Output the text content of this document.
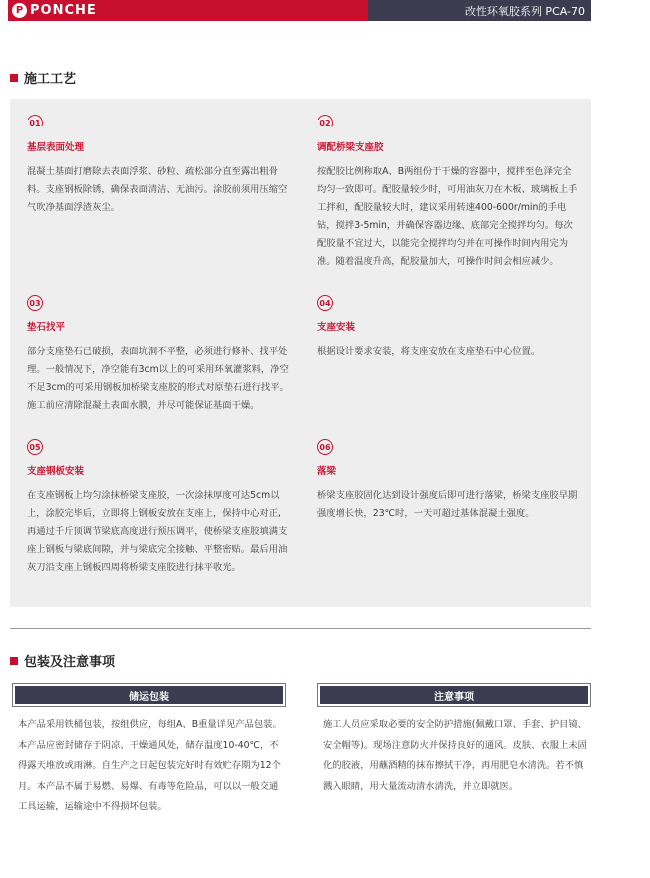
P PONCHE	改性环氧胶系列 PCA-70
施工工艺
01
基层表面处理

混凝土基面打磨除去表面浮浆、砂粒、疏松部分直至露出粗骨料。支座钢板除锈，确保表面清洁、无油污。涂胶前须用压缩空气吹净基面浮渣灰尘。

02
调配桥梁支座胶

按配胶比例称取A、B两组份于干燥的容器中，搅拌至色泽完全均匀一致即可。配胶量较少时，可用油灰刀在木板、玻璃板上手工拌和，配胶量较大时，建议采用转速400-600r/min的手电钻，搅拌3-5min，并确保容器边缘、底部完全搅拌均匀。每次配胶量不宜过大，以能完全搅拌均匀并在可操作时间内用完为准。随着温度升高，配胶量加大，可操作时间会相应减少。

03
垫石找平

部分支座垫石已破损，表面坑洞不平整，必须进行修补、找平处理。一般情况下，净空能有3cm以上的可采用环氧灌浆料，净空不足3cm的可采用钢板加桥梁支座胶的形式对原垫石进行找平。施工前应清除混凝土表面水膜，并尽可能保证基面干燥。

04
支座安装

根据设计要求安装，将支座安放在支座垫石中心位置。

05
支座钢板安装

在支座钢板上均匀涂抹桥梁支座胶，一次涂抹厚度可达5cm以上，涂胶完毕后，立即将上钢板安放在支座上，保持中心对正,再通过千斤顶调节梁底高度进行预压调平，使桥梁支座胶填满支座上钢板与梁底间隙，并与梁底完全接触、平整密贴。最后用油灰刀沿支座上钢板四周将桥梁支座胶进行抹平收光。

06
落梁

桥梁支座胶固化达到设计强度后即可进行落梁，桥梁支座胶早期强度增长快，23℃时，一天可超过基体混凝土强度。

包装及注意事项
储运包装

本产品采用铁桶包装，按组供应，每组A、B重量详见产品包装。本产品应密封储存于阴凉、干燥通风处，储存温度10-40℃，不得露天堆放或雨淋。自生产之日起包装完好时有效贮存期为12个月。本产品不属于易燃、易爆、有毒等危险品，可以以一般交通工具运输，运输途中不得损坏包装。

注意事项

施工人员应采取必要的安全防护措施(佩戴口罩、手套、护目镜、安全帽等)。现场注意防火并保持良好的通风。皮肤、衣服上未固化的胶液，用蘸酒精的抹布擦拭干净，再用肥皂水清洗。若不慎溅入眼睛，用大量流动清水清洗，并立即就医。
